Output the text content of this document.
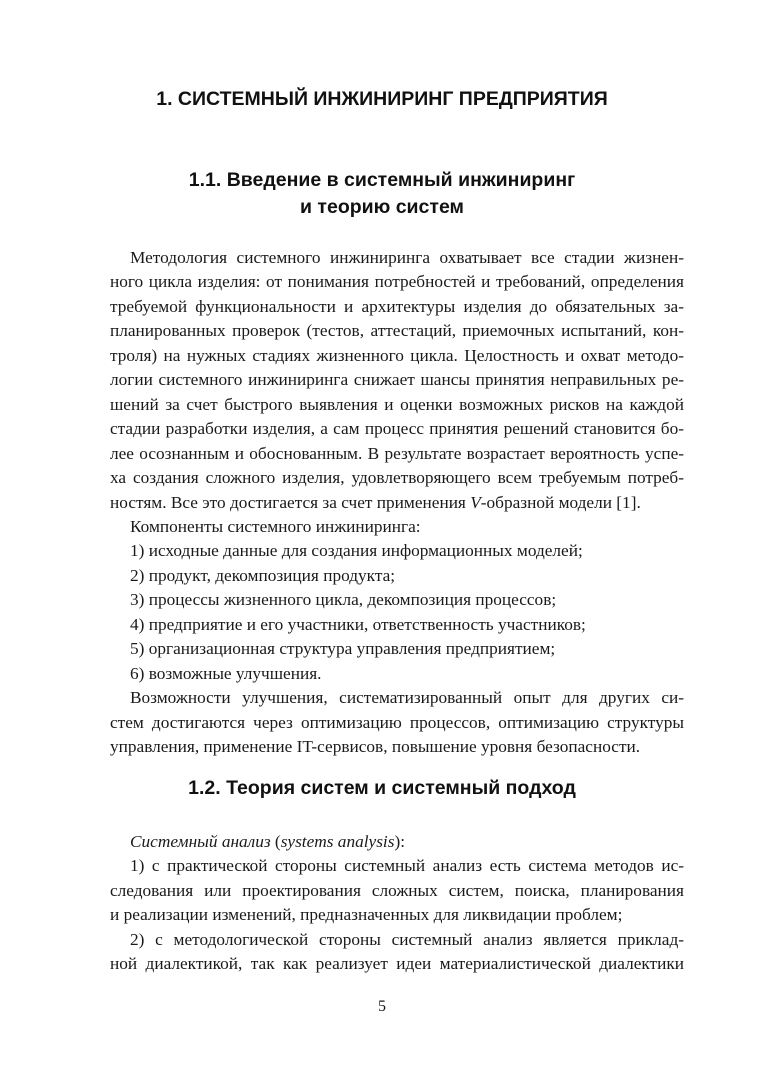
1. СИСТЕМНЫЙ ИНЖИНИРИНГ ПРЕДПРИЯТИЯ
1.1. Введение в системный инжиниринг
и теорию систем
Методология системного инжиниринга охватывает все стадии жизнен-
ного цикла изделия: от понимания потребностей и требований, определения
требуемой функциональности и архитектуры изделия до обязательных за-
планированных проверок (тестов, аттестаций, приемочных испытаний, кон-
троля) на нужных стадиях жизненного цикла. Целостность и охват методо-
логии системного инжиниринга снижает шансы принятия неправильных ре-
шений за счет быстрого выявления и оценки возможных рисков на каждой
стадии разработки изделия, а сам процесс принятия решений становится бо-
лее осознанным и обоснованным. В результате возрастает вероятность успе-
ха создания сложного изделия, удовлетворяющего всем требуемым потреб-
ностям. Все это достигается за счет применения V-образной модели [1].
Компоненты системного инжиниринга:
1) исходные данные для создания информационных моделей;
2) продукт, декомпозиция продукта;
3) процессы жизненного цикла, декомпозиция процессов;
4) предприятие и его участники, ответственность участников;
5) организационная структура управления предприятием;
6) возможные улучшения.
Возможности улучшения, систематизированный опыт для других си-
стем достигаются через оптимизацию процессов, оптимизацию структуры
управления, применение IT-сервисов, повышение уровня безопасности.
1.2. Теория систем и системный подход
Системный анализ (systems analysis):
1) с практической стороны системный анализ есть система методов ис-
следования или проектирования сложных систем, поиска, планирования
и реализации изменений, предназначенных для ликвидации проблем;
2) с методологической стороны системный анализ является приклад-
ной диалектикой, так как реализует идеи материалистической диалектики
5
